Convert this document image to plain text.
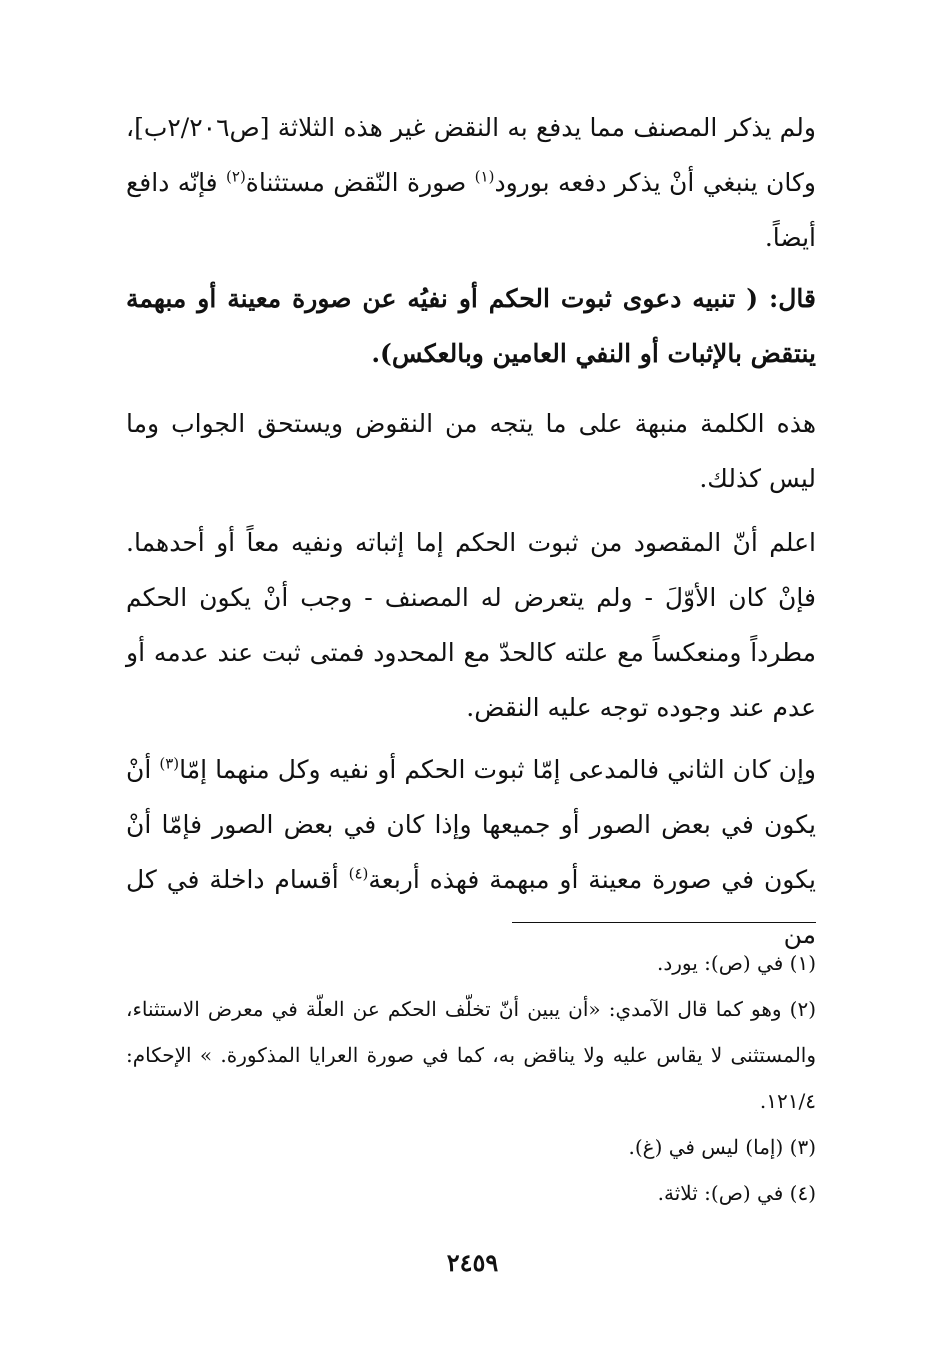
ولم يذكر المصنف مما يدفع به النقض غير هذه الثلاثة [ص٢/٢٠٦ب]، وكان ينبغي أنْ يذكر دفعه بورود$^{(١)}$ صورة النّقض مستثناة$^{(٢)}$ فإنّه دافع أيضاً.

قال: ( تنبيه دعوى ثبوت الحكم أو نفيُه عن صورة معينة أو مبهمة ينتقض بالإثبات أو النفي العامين وبالعكس).

هذه الكلمة منبهة على ما يتجه من النقوض ويستحق الجواب وما ليس كذلك.

اعلم أنّ المقصود من ثبوت الحكم إما إثباته ونفيه معاً أو أحدهما. فإنْ كان الأوّلَ - ولم يتعرض له المصنف - وجب أنْ يكون الحكم مطرداً ومنعكساً مع علته كالحدّ مع المحدود فمتى ثبت عند عدمه أو عدم عند وجوده توجه عليه النقض.

وإن كان الثاني فالمدعى إمّا ثبوت الحكم أو نفيه وكل منهما إمّا$^{(٣)}$ أنْ يكون في بعض الصور أو جميعها وإذا كان في بعض الصور فإمّا أنْ يكون في صورة معينة أو مبهمة فهذه أربعة$^{(٤)}$ أقسام داخلة في كل من

(١) في (ص): يورد.
(٢) وهو كما قال الآمدي: «أن يبين أنّ تخلّف الحكم عن العلّة في معرض الاستثناء، والمستثنى لا يقاس عليه ولا يناقض به، كما في صورة العرايا المذكورة. » الإحكام: ١٢١/٤.
(٣) (إما) ليس في (غ).
(٤) في (ص): ثلاثة.
٢٤٥٩
